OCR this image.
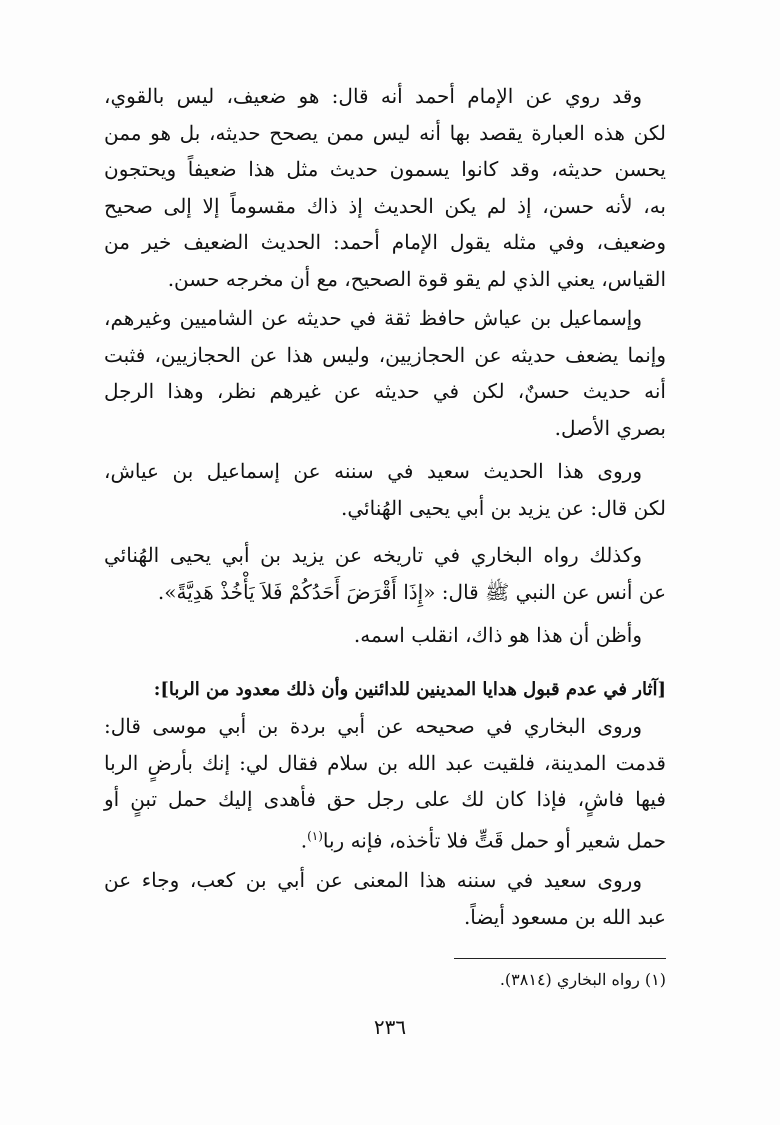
وقد روي عن الإمام أحمد أنه قال: هو ضعيف، ليس بالقوي،
لكن هذه العبارة يقصد بها أنه ليس ممن يصحح حديثه، بل هو ممن
يحسن حديثه، وقد كانوا يسمون حديث مثل هذا ضعيفاً ويحتجون
به، لأنه حسن، إذ لم يكن الحديث إذ ذاك مقسوماً إلا إلى صحيح
وضعيف، وفي مثله يقول الإمام أحمد: الحديث الضعيف خير من
القياس، يعني الذي لم يقو قوة الصحيح، مع أن مخرجه حسن.
وإسماعيل بن عياش حافظ ثقة في حديثه عن الشاميين وغيرهم،
وإنما يضعف حديثه عن الحجازيين، وليس هذا عن الحجازيين، فثبت
أنه حديث حسنٌ، لكن في حديثه عن غيرهم نظر، وهذا الرجل
بصري الأصل.
وروى هذا الحديث سعيد في سننه عن إسماعيل بن عياش،
لكن قال: عن يزيد بن أبي يحيى الهُنائي.
وكذلك رواه البخاري في تاريخه عن يزيد بن أبي يحيى الهُنائي
عن أنس عن النبي ﷺ قال: «إِذَا أَقْرَضَ أَحَدُكُمْ فَلاَ يَأْخُذْ هَدِيَّةً».
وأظن أن هذا هو ذاك، انقلب اسمه.
[آثار في عدم قبول هدايا المدينين للدائنين وأن ذلك معدود من الربا]:
وروى البخاري في صحيحه عن أبي بردة بن أبي موسى قال:
قدمت المدينة، فلقيت عبد الله بن سلام فقال لي: إنك بأرضٍ الربا
فيها فاشٍ، فإذا كان لك على رجل حق فأهدى إليك حمل تبنٍ أو
حمل شعير أو حمل قَتٍّ فلا تأخذه، فإنه ربا$^{(١)}$.
وروى سعيد في سننه هذا المعنى عن أبي بن كعب، وجاء عن
عبد الله بن مسعود أيضاً.
(١) رواه البخاري (٣٨١٤).
٢٣٦
